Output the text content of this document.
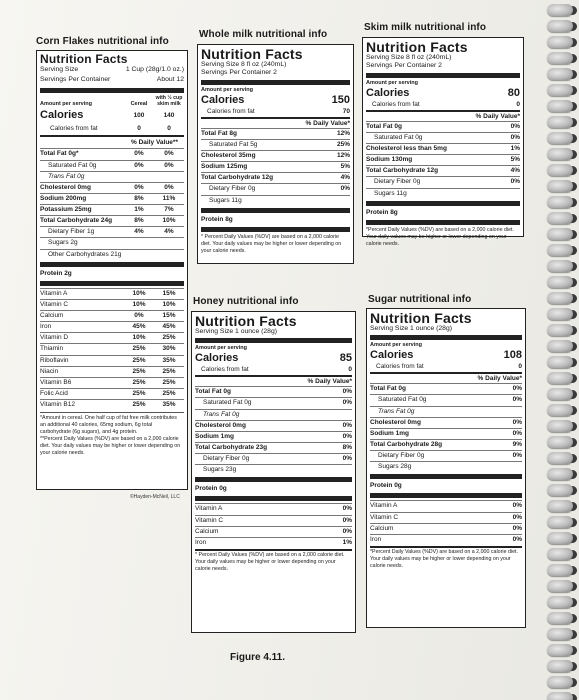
Corn Flakes nutritional info
Nutrition Facts
Serving Size	1 Cup (28g/1.0 oz.)
Servings Per Container	About 12
Amount per serving	Cereal
with ½ cup skim milk
Calories	100	140
Calories from fat	0	0
% Daily Value**
Total Fat 0g*	0%	0%
Saturated Fat 0g	0%	0%
Trans Fat 0g
Cholesterol 0mg	0%	0%
Sodium 200mg	8%	11%
Potassium 25mg	1%	7%
Total Carbohydrate 24g	8%	10%
Dietary Fiber 1g	4%	4%
Sugars 2g
Other Carbohydrates 21g
Protein 2g
Vitamin A	10%	15%
Vitamin C	10%	10%
Calcium	0%	15%
Iron	45%	45%
Vitamin D	10%	25%
Thiamin	25%	30%
Riboflavin	25%	35%
Niacin	25%	25%
Vitamin B6	25%	25%
Folic Acid	25%	25%
Vitamin B12	25%	35%
*Amount in cereal. One half cup of fat free milk contributes an additional 40 calories, 65mg sodium, 6g total carbohydrate (6g sugars), and 4g protein.
**Percent Daily Values (%DV) are based on a 2,000 calorie diet. Your daily values may be higher or lower depending on your calorie needs.
©Hayden-McNeil, LLC
Whole milk nutritional info
Nutrition Facts
Serving Size 8 fl oz (240mL)
Servings Per Container 2
Amount per serving
Calories	150
Calories from fat	70
% Daily Value*
Total Fat 8g	12%
Saturated Fat 5g	25%
Cholesterol 35mg	12%
Sodium 125mg	5%
Total Carbohydrate 12g	4%
Dietary Fiber 0g	0%
Sugars 11g
Protein 8g
* Percent Daily Values (%DV) are based on a 2,000 calorie diet. Your daily values may be higher or lower depending on your calorie needs.
Skim milk nutritional info
Nutrition Facts
Serving Size 8 fl oz (240mL)
Servings Per Container 2
Amount per serving
Calories	80
Calories from fat	0
% Daily Value*
Total Fat 0g	0%
Saturated Fat 0g	0%
Cholesterol less than 5mg	1%
Sodium 130mg	5%
Total Carbohydrate 12g	4%
Dietary Fiber 0g	0%
Sugars 11g
Protein 8g
*Percent Daily Values (%DV) are based on a 2,000 calorie diet. Your daily values may be higher or lower depending on your calorie needs.
Honey nutritional info
Nutrition Facts
Serving Size 1 ounce (28g)
Amount per serving
Calories	85
Calories from fat	0
% Daily Value*
Total Fat 0g	0%
Saturated Fat 0g	0%
Trans Fat 0g
Cholesterol 0mg	0%
Sodium 1mg	0%
Total Carbohydrate 23g	8%
Dietary Fiber 0g	0%
Sugars 23g
Protein 0g
Vitamin A	0%
Vitamin C	0%
Calcium	0%
Iron	1%
* Percent Daily Values (%DV) are based on a 2,000 calorie diet. Your daily values may be higher or lower depending on your calorie needs.
Sugar nutritional info
Nutrition Facts
Serving Size 1 ounce (28g)
Amount per serving
Calories	108
Calories from fat	0
% Daily Value*
Total Fat 0g	0%
Saturated Fat 0g	0%
Trans Fat 0g
Cholesterol 0mg	0%
Sodium 1mg	0%
Total Carbohydrate 28g	9%
Dietary Fiber 0g	0%
Sugars 28g
Protein 0g
Vitamin A	0%
Vitamin C	0%
Calcium	0%
Iron	0%
*Percent Daily Values (%DV) are based on a 2,000 calorie diet. Your daily values may be higher or lower depending on your calorie needs.
Figure 4.11.
